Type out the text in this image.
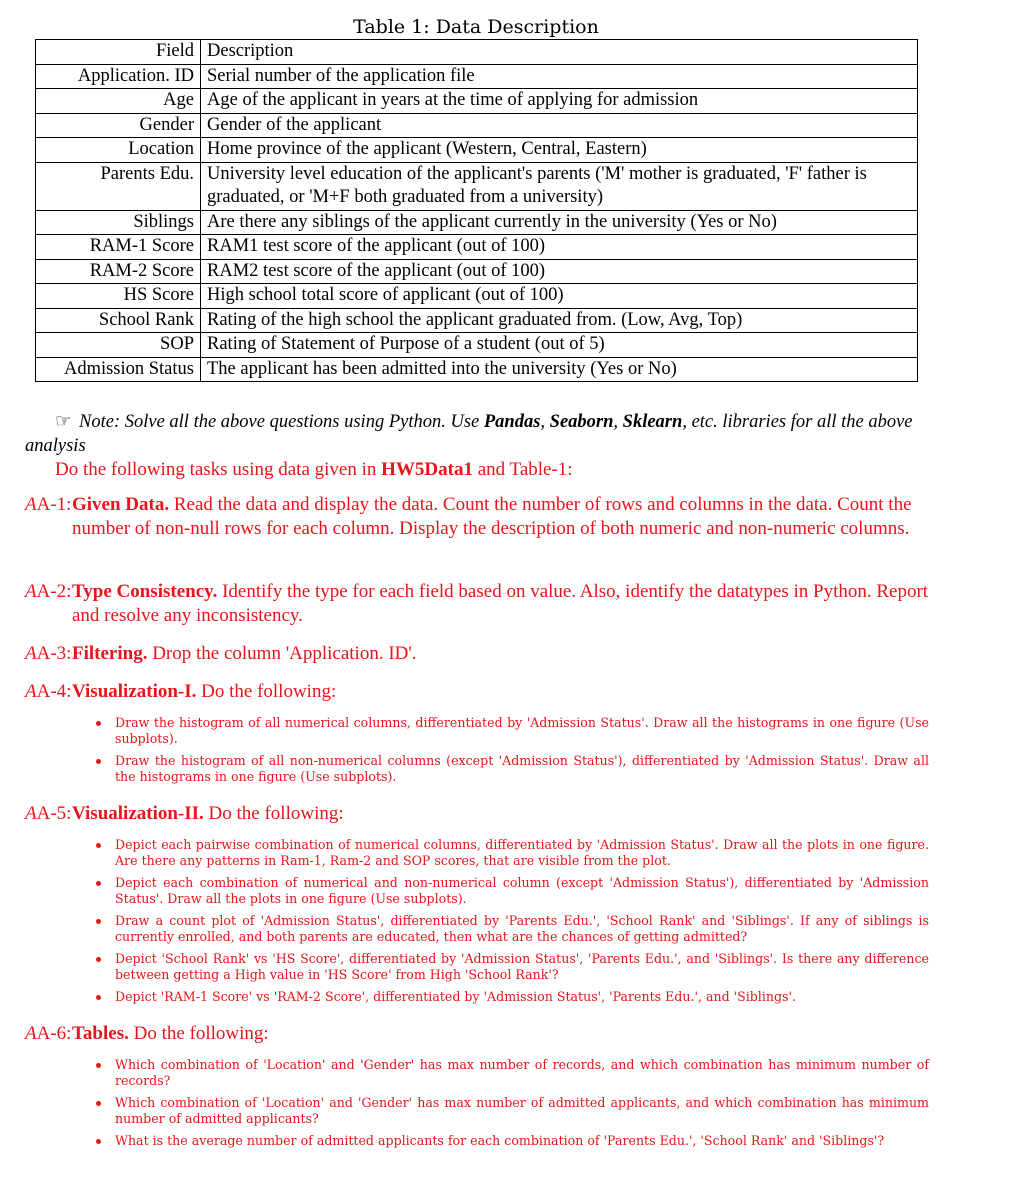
Table 1: Data Description
Field	Description
Application. ID	Serial number of the application file
Age	Age of the applicant in years at the time of applying for admission
Gender	Gender of the applicant
Location	Home province of the applicant (Western, Central, Eastern)
Parents Edu.	University level education of the applicant's parents ('M' mother is graduated, 'F' father is graduated, or 'M+F both graduated from a university)
Siblings	Are there any siblings of the applicant currently in the university (Yes or No)
RAM-1 Score	RAM1 test score of the applicant (out of 100)
RAM-2 Score	RAM2 test score of the applicant (out of 100)
HS Score	High school total score of applicant (out of 100)
School Rank	Rating of the high school the applicant graduated from. (Low, Avg, Top)
SOP	Rating of Statement of Purpose of a student (out of 5)
Admission Status	The applicant has been admitted into the university (Yes or No)
☞ Note: Solve all the above questions using Python. Use Pandas, Seaborn, Sklearn, etc. libraries for all the above analysis
Do the following tasks using data given in HW5Data1 and Table-1:
AA-1: Given Data. Read the data and display the data. Count the number of rows and columns in the data. Count the number of non-null rows for each column. Display the description of both numeric and non-numeric columns.
AA-2: Type Consistency. Identify the type for each field based on value. Also, identify the datatypes in Python. Report and resolve any inconsistency.
AA-3: Filtering. Drop the column 'Application. ID'.
AA-4: Visualization-I. Do the following:
Draw the histogram of all numerical columns, differentiated by 'Admission Status'. Draw all the histograms in one figure (Use subplots).
Draw the histogram of all non-numerical columns (except 'Admission Status'), differentiated by 'Admission Status'. Draw all the histograms in one figure (Use subplots).
AA-5: Visualization-II. Do the following:
Depict each pairwise combination of numerical columns, differentiated by 'Admission Status'. Draw all the plots in one figure. Are there any patterns in Ram-1, Ram-2 and SOP scores, that are visible from the plot.
Depict each combination of numerical and non-numerical column (except 'Admission Status'), differentiated by 'Admission Status'. Draw all the plots in one figure (Use subplots).
Draw a count plot of 'Admission Status', differentiated by 'Parents Edu.', 'School Rank' and 'Siblings'. If any of siblings is currently enrolled, and both parents are educated, then what are the chances of getting admitted?
Depict 'School Rank' vs 'HS Score', differentiated by 'Admission Status', 'Parents Edu.', and 'Siblings'. Is there any difference between getting a High value in 'HS Score' from High 'School Rank'?
Depict 'RAM-1 Score' vs 'RAM-2 Score', differentiated by 'Admission Status', 'Parents Edu.', and 'Siblings'.
AA-6: Tables. Do the following:
Which combination of 'Location' and 'Gender' has max number of records, and which combination has minimum number of records?
Which combination of 'Location' and 'Gender' has max number of admitted applicants, and which combination has minimum number of admitted applicants?
What is the average number of admitted applicants for each combination of 'Parents Edu.', 'School Rank' and 'Siblings'?
